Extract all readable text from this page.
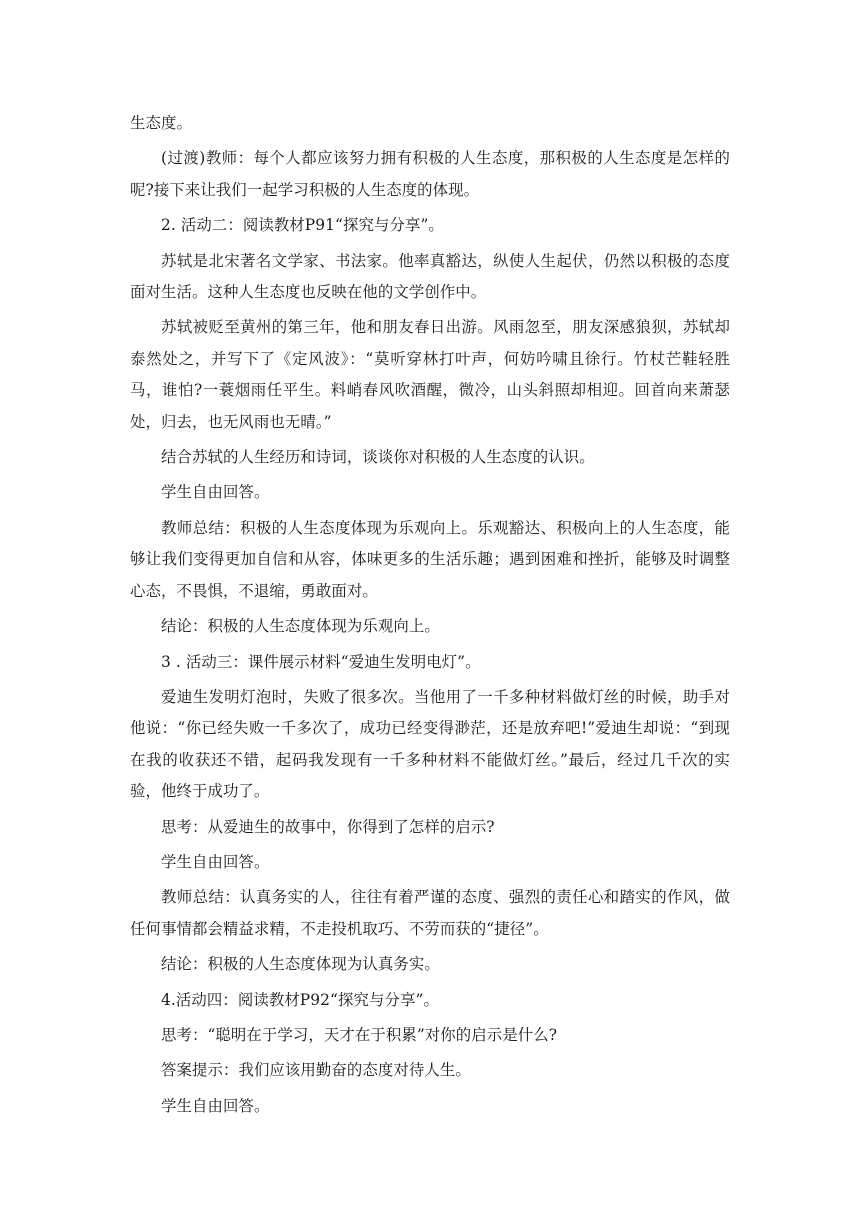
生态度。

(过渡)教师：每个人都应该努力拥有积极的人生态度，那积极的人生态度是怎样的呢?接下来让我们一起学习积极的人生态度的体现。

2. 活动二：阅读教材P91“探究与分享”。

苏轼是北宋著名文学家、书法家。他率真豁达，纵使人生起伏，仍然以积极的态度面对生活。这种人生态度也反映在他的文学创作中。

苏轼被贬至黄州的第三年，他和朋友春日出游。风雨忽至，朋友深感狼狈，苏轼却泰然处之，并写下了《定风波》：“莫听穿林打叶声，何妨吟啸且徐行。竹杖芒鞋轻胜马，谁怕?一蓑烟雨任平生。料峭春风吹酒醒，微冷，山头斜照却相迎。回首向来萧瑟处，归去，也无风雨也无晴。”

结合苏轼的人生经历和诗词，谈谈你对积极的人生态度的认识。

学生自由回答。

教师总结：积极的人生态度体现为乐观向上。乐观豁达、积极向上的人生态度，能够让我们变得更加自信和从容，体味更多的生活乐趣；遇到困难和挫折，能够及时调整心态，不畏惧，不退缩，勇敢面对。

结论：积极的人生态度体现为乐观向上。

3 . 活动三：课件展示材料“爱迪生发明电灯”。

爱迪生发明灯泡时，失败了很多次。当他用了一千多种材料做灯丝的时候，助手对他说：“你已经失败一千多次了，成功已经变得渺茫，还是放弃吧!”爱迪生却说：“到现在我的收获还不错，起码我发现有一千多种材料不能做灯丝。”最后，经过几千次的实验，他终于成功了。

思考：从爱迪生的故事中，你得到了怎样的启示?

学生自由回答。

教师总结：认真务实的人，往往有着严谨的态度、强烈的责任心和踏实的作风，做任何事情都会精益求精，不走投机取巧、不劳而获的“捷径”。

结论：积极的人生态度体现为认真务实。

4.活动四：阅读教材P92“探究与分享”。

思考：“聪明在于学习，天才在于积累”对你的启示是什么?

答案提示：我们应该用勤奋的态度对待人生。

学生自由回答。
